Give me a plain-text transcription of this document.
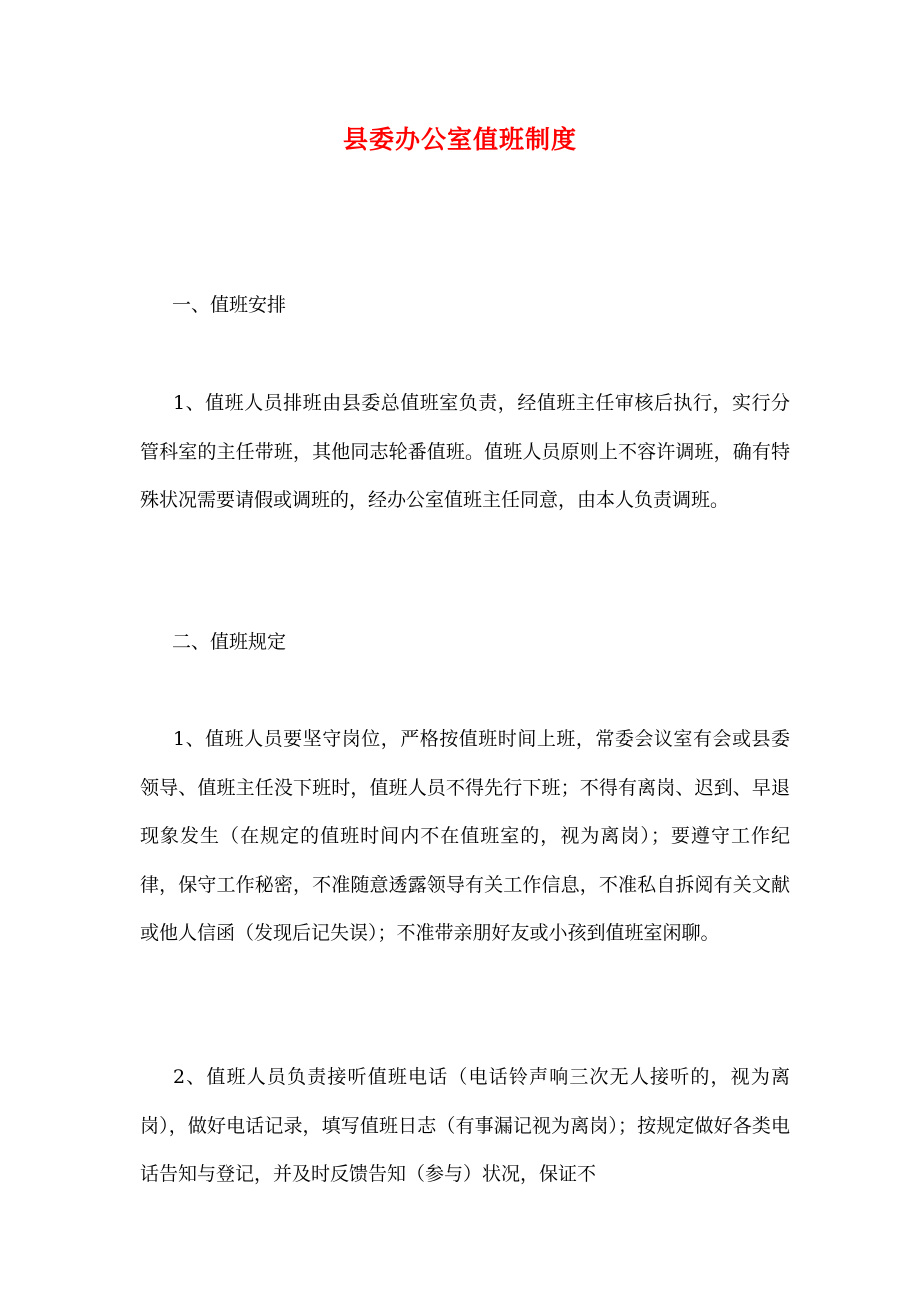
县委办公室值班制度
一、值班安排
1、值班人员排班由县委总值班室负责，经值班主任审核后执行，实行分管科室的主任带班，其他同志轮番值班。值班人员原则上不容许调班，确有特殊状况需要请假或调班的，经办公室值班主任同意，由本人负责调班。
二、值班规定
1、值班人员要坚守岗位，严格按值班时间上班，常委会议室有会或县委领导、值班主任没下班时，值班人员不得先行下班；不得有离岗、迟到、早退现象发生（在规定的值班时间内不在值班室的，视为离岗）；要遵守工作纪律，保守工作秘密，不准随意透露领导有关工作信息，不准私自拆阅有关文献或他人信函（发现后记失误）；不准带亲朋好友或小孩到值班室闲聊。
2、值班人员负责接听值班电话（电话铃声响三次无人接听的，视为离岗），做好电话记录，填写值班日志（有事漏记视为离岗）；按规定做好各类电话告知与登记，并及时反馈告知（参与）状况，保证不
